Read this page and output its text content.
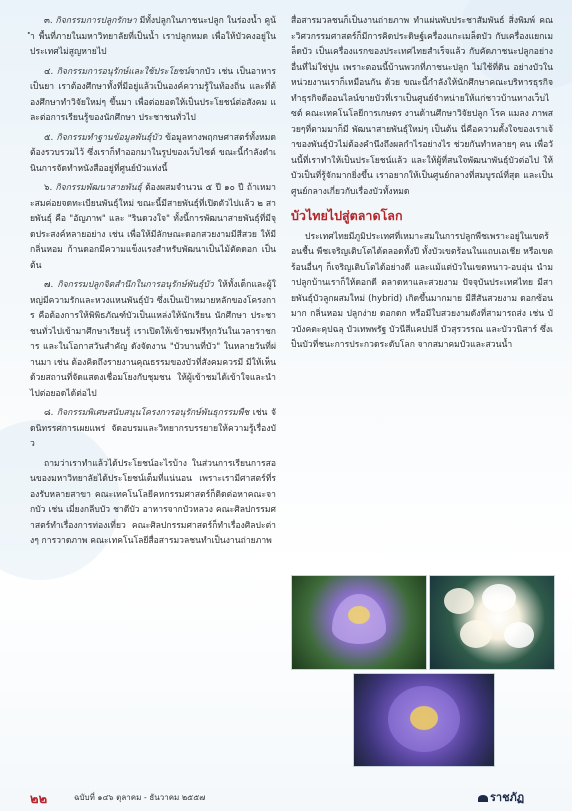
๓. กิจกรรมการปลูกรักษา มีทั้งปลูกในภาชนะปลูก ในร่องน้ำ คูน้ำ พื้นที่ภายในมหาวิทยาลัยที่เป็นน้ำ เราปลูกหมด เพื่อให้บัวคงอยู่ในประเทศไม่สูญหายไป

๔. กิจกรรมการอนุรักษ์และใช้ประโยชน์จากบัว เช่น เป็นอาหาร เป็นยา เราต้องศึกษาทั้งที่มีอยู่แล้วเป็นองค์ความรู้ในท้องถิ่น และที่ต้องศึกษาทำวิจัยใหม่ๆ ขึ้นมา เพื่อต่อยอดให้เป็นประโยชน์ต่อสังคม และต่อการเรียนรู้ของนักศึกษา ประชาชนทั่วไป

๕. กิจกรรมทำฐานข้อมูลพันธุ์บัว ข้อมูลทางพฤกษศาสตร์ทั้งหมดต้องรวบรวมไว้ ซึ่งเราก็ทำออกมาในรูปของเว็บไซต์ ขณะนี้กำลังดำเนินการจัดทำหนังสืออยู่ที่ศูนย์บัวแห่งนี้

๖. กิจกรรมพัฒนาสายพันธุ์ ต้องผสมจำนวน ๕ ปี ๑๐ ปี ถ้าเหมาะสมค่อยจดทะเบียนพันธุ์ใหม่ ขณะนี้มีสายพันธุ์ที่เปิดตัวไปแล้ว ๒ สายพันธุ์ คือ "อัญภาพ" และ "รินดวงใจ" ทั้งนี้การพัฒนาสายพันธุ์ที่มีจุดประสงค์หลายอย่าง เช่น เพื่อให้มีลักษณะดอกสวยงามมีสีสวย ให้มีกลิ่นหอม ก้านดอกมีความแข็งแรงสำหรับพัฒนาเป็นไม้ตัดดอก เป็นต้น

๗. กิจกรรมปลูกจิตสำนึกในการอนุรักษ์พันธุ์บัว ให้ทั้งเด็กและผู้ใหญ่มีความรักและหวงแหนพันธุ์บัว ซึ่งเป็นเป้าหมายหลักของโครงการ คือต้องการให้พิพิธภัณฑ์บัวเป็นแหล่งให้นักเรียน นักศึกษา ประชาชนทั่วไปเข้ามาศึกษาเรียนรู้ เราเปิดให้เข้าชมฟรีทุกวันในเวลาราชการ และในโอกาสวันสำคัญ ดังจัดงาน "บัวบานที่บัว" ในหลายวันที่ผ่านมา เช่น ต้องคิดถึงรายงานคุณธรรมของบัวที่สังคมควรมี มีให้เห็นด้วยสถานที่จัดแสดงเชื่อมโยงกับชุมชน ให้ผู้เข้าชมได้เข้าใจและนำไปต่อยอดได้ต่อไป

๘. กิจกรรมพิเศษสนับสนุนโครงการอนุรักษ์พันธุกรรมพืช เช่น จัดนิทรรศการเผยแพร่ จัดอบรมและวิทยากรบรรยายให้ความรู้เรื่องบัว

ถามว่าเราทำแล้วได้ประโยชน์อะไรบ้าง ในส่วนการเรียนการสอนของมหาวิทยาลัยได้ประโยชน์เต็มที่แน่นอน เพราะเรามีศาสตร์ที่รองรับหลายสาขา คณะเทคโนโลยีคหกรรมศาสตร์ก็ติดต่อหาคณะจากบัว เช่น เมี่ยงกลีบบัว ชาดีบัว อาหารจากบัวหลวง คณะศิลปกรรมศาสตร์ทำเรื่องการท่องเที่ยว คณะศิลปกรรมศาสตร์ก็ทำเรื่องศิลปะต่างๆ การวาดภาพ คณะเทคโนโลยีสื่อสารมวลชนทำเป็นงานถ่ายภาพ

สื่อสารมวลชนก็เป็นงานถ่ายภาพ ทำแผ่นพับประชาสัมพันธ์ สิ่งพิมพ์ คณะวิศวกรรมศาสตร์ก็มีการคิดประดิษฐ์เครื่องแกะเมล็ดบัว กับเครื่องแยกเมล็ดบัว เป็นเครื่องแรกของประเทศไทยสำเร็จแล้ว กับคัดภาชนะปลูกอย่างอื่นที่ไม่ใช่ปูน เพราะตอนนี้บ้านพวกที่ภาชนะปลูก ไม่ใช้ที่ดิน อย่างบัวในหน่วยงานเราก็เหมือนกัน ด้วย ขณะนี้กำลังให้นักศึกษาคณะบริหารธุรกิจทำธุรกิจดีออนไลน์ขายบัวที่เราเป็นศูนย์จำหน่ายให้แก่ชาวบ้านทางเว็บไซต์ คณะเทคโนโลยีการเกษตร งานด้านศึกษาวิจัยปลูก โรค แมลง ภาพสวยๆที่ตามมาก็มี พัฒนาสายพันธุ์ใหม่ๆ เป็นต้น นี่คือความตั้งใจของเราเจ้าของพันธุ์บัวไม่ต้องคำนึงถึงผลกำไรอย่างไร ช่วยกันทำหลายๆ คน เพื่อวันนี้ที่เราทำให้เป็นประโยชน์แล้ว และให้ผู้ที่สนใจพัฒนาพันธุ์บัวต่อไป ให้บัวเป็นที่รู้จักมากยิ่งขึ้น เราอยากให้เป็นศูนย์กลางที่สมบูรณ์ที่สุด และเป็นศูนย์กลางเกี่ยวกับเรื่องบัวทั้งหมด

บัวไทยไปสู่ตลาดโลก

ประเทศไทยมีภูมิประเทศที่เหมาะสมในการปลูกพืชเพราะอยู่ในเขตร้อนชื้น พืชเจริญเติบโตได้ตลอดทั้งปี ทั้งบัวเขตร้อนในแถบเอเชีย หรือเขตร้อนอื่นๆ ก็เจริญเติบโตได้อย่างดี และแม้แต่บัวในเขตหนาว-อบอุ่น นำมาปลูกบ้านเราก็ให้ดอกดี ตลาดหาและสวยงาม ปัจจุบันประเทศไทย มีสายพันธุ์บัวลูกผสมใหม่ (hybrid) เกิดขึ้นมากมาย มีสีสันสวยงาม ดอกซ้อนมาก กลิ่นหอม ปลูกง่าย ดอกดก หรือมีใบสวยงามดังที่สามารถส่ง เช่น บัวบังคตะคุปฉลุ บัวเทพพรัฐ บัวนีสีแคปปลี บัวสุรวรรณ และบัววนิสาร์ ซึ่งเป็นบัวที่ชนะการประกวดระดับโลก จากสมาคมบัวและสวนน้ำ

๒๒	ฉบับที่ ๑๔๖ ตุลาคม - ธันวาคม ๒๕๕๗	ราชภัฏ
